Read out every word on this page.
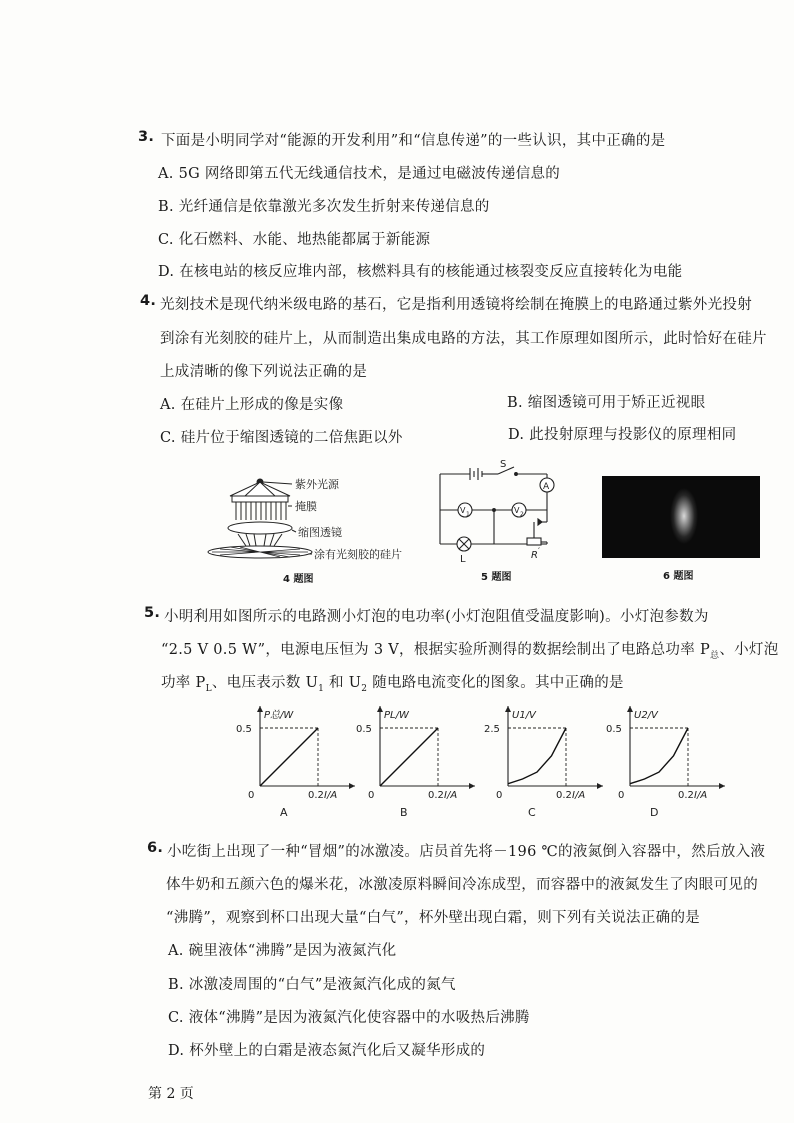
3. 下面是小明同学对“能源的开发利用”和“信息传递”的一些认识，其中正确的是
A. 5G 网络即第五代无线通信技术，是通过电磁波传递信息的
B. 光纤通信是依靠激光多次发生折射来传递信息的
C. 化石燃料、水能、地热能都属于新能源
D. 在核电站的核反应堆内部，核燃料具有的核能通过核裂变反应直接转化为电能
4. 光刻技术是现代纳米级电路的基石，它是指利用透镜将绘制在掩膜上的电路通过紫外光投射
到涂有光刻胶的硅片上，从而制造出集成电路的方法，其工作原理如图所示，此时恰好在硅片
上成清晰的像下列说法正确的是
A. 在硅片上形成的像是实像	B. 缩图透镜可用于矫正近视眼
C. 硅片位于缩图透镜的二倍焦距以外	D. 此投射原理与投影仪的原理相同
紫外光源
掩膜
缩图透镜
涂有光刻胶的硅片
4 题图
S
A
V 1	V 2
L	R ′
5 题图	6 题图
5. 小明利用如图所示的电路测小灯泡的电功率(小灯泡阻值受温度影响)。小灯泡参数为
“2.5 V 0.5 W”，电源电压恒为 3 V，根据实验所测得的数据绘制出了电路总功率 $P_总$、小灯泡
功率 $P_L$、电压表示数 $U_1$ 和 $U_2$ 随电路电流变化的图象。其中正确的是
0	0.2 I/A
0.5
P总/W
A
0	0.2 I/A
0.5
PL/W
B
0	0.2 I/A
2.5
U1/V
C
0	0.2 I/A
0.5
U2/V
D
6. 小吃街上出现了一种“冒烟”的冰激凌。店员首先将－196 ℃的液氮倒入容器中，然后放入液
体牛奶和五颜六色的爆米花，冰激凌原料瞬间冷冻成型，而容器中的液氮发生了肉眼可见的
“沸腾”，观察到杯口出现大量“白气”，杯外壁出现白霜，则下列有关说法正确的是
A. 碗里液体“沸腾”是因为液氮汽化
B. 冰激凌周围的“白气”是液氮汽化成的氮气
C. 液体“沸腾”是因为液氮汽化使容器中的水吸热后沸腾
D. 杯外壁上的白霜是液态氮汽化后又凝华形成的
第 2 页
